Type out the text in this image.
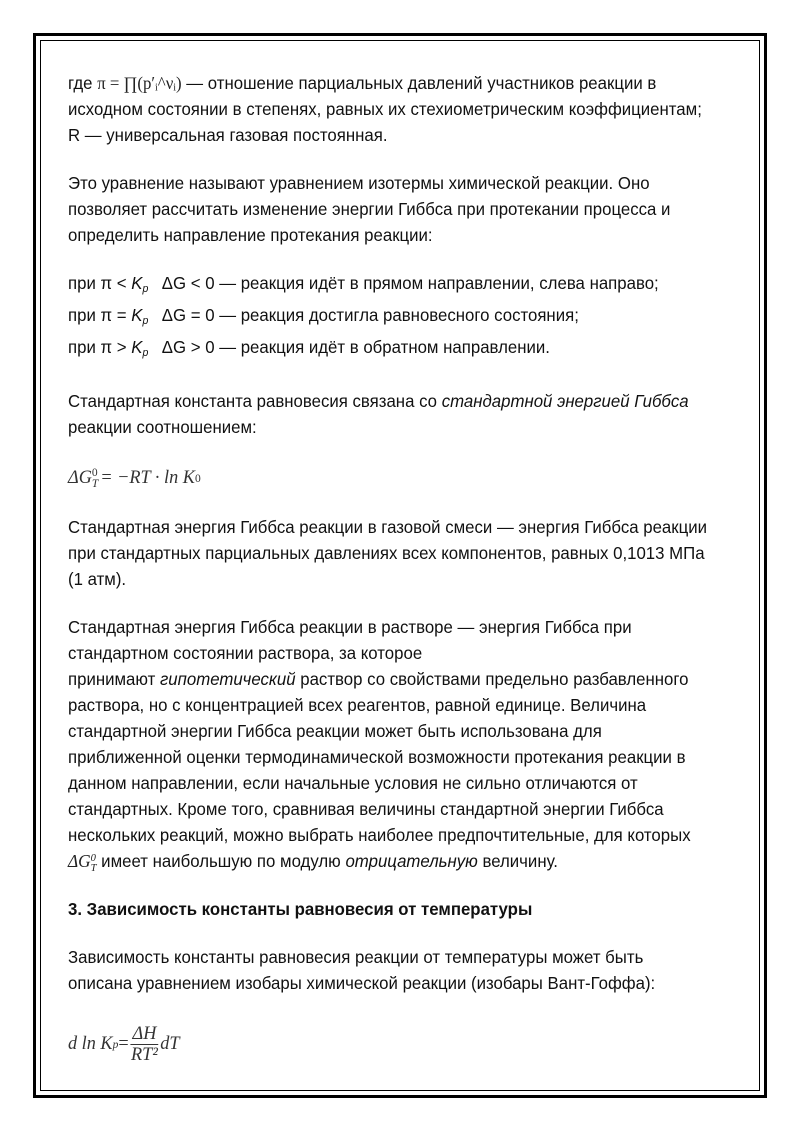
где π = ∏(p′ᵢ^νᵢ) — отношение парциальных давлений участников реакции в исходном состоянии в степенях, равных их стехиометрическим коэффициентам; R — универсальная газовая постоянная.

Это уравнение называют уравнением изотермы химической реакции. Оно позволяет рассчитать изменение энергии Гиббса при протекании процесса и определить направление протекания реакции:

при $\pi < K_p$ ΔG < 0 — реакция идёт в прямом направлении, слева направо;
при $\pi = K_p$ ΔG = 0 — реакция достигла равновесного состояния;
при $\pi > K_p$ ΔG > 0 — реакция идёт в обратном направлении.

Стандартная константа равновесия связана со стандартной энергией Гиббса реакции соотношением:

ΔG 0
T = −RT · ln K 0

Стандартная энергия Гиббса реакции в газовой смеси — энергия Гиббса реакции при стандартных парциальных давлениях всех компонентов, равных 0,1013 МПа (1 атм).

Стандартная энергия Гиббса реакции в растворе — энергия Гиббса при стандартном состоянии раствора, за которое
принимают гипотетический раствор со свойствами предельно разбавленного раствора, но с концентрацией всех реагентов, равной единице. Величина стандартной энергии Гиббса реакции может быть использована для приближенной оценки термодинамической возможности протекания реакции в данном направлении, если начальные условия не сильно отличаются от стандартных. Кроме того, сравнивая величины стандартной энергии Гиббса нескольких реакций, можно выбрать наиболее предпочтительные, для которых ΔG 0
T имеет наибольшую по модулю отрицательную величину.

3. Зависимость константы равновесия от температуры

Зависимость константы равновесия реакции от температуры может быть описана уравнением изобары химической реакции (изобары Вант-Гоффа):

d ln K $p = \frac{\Delta H}{\text{RT²}}$ dT
